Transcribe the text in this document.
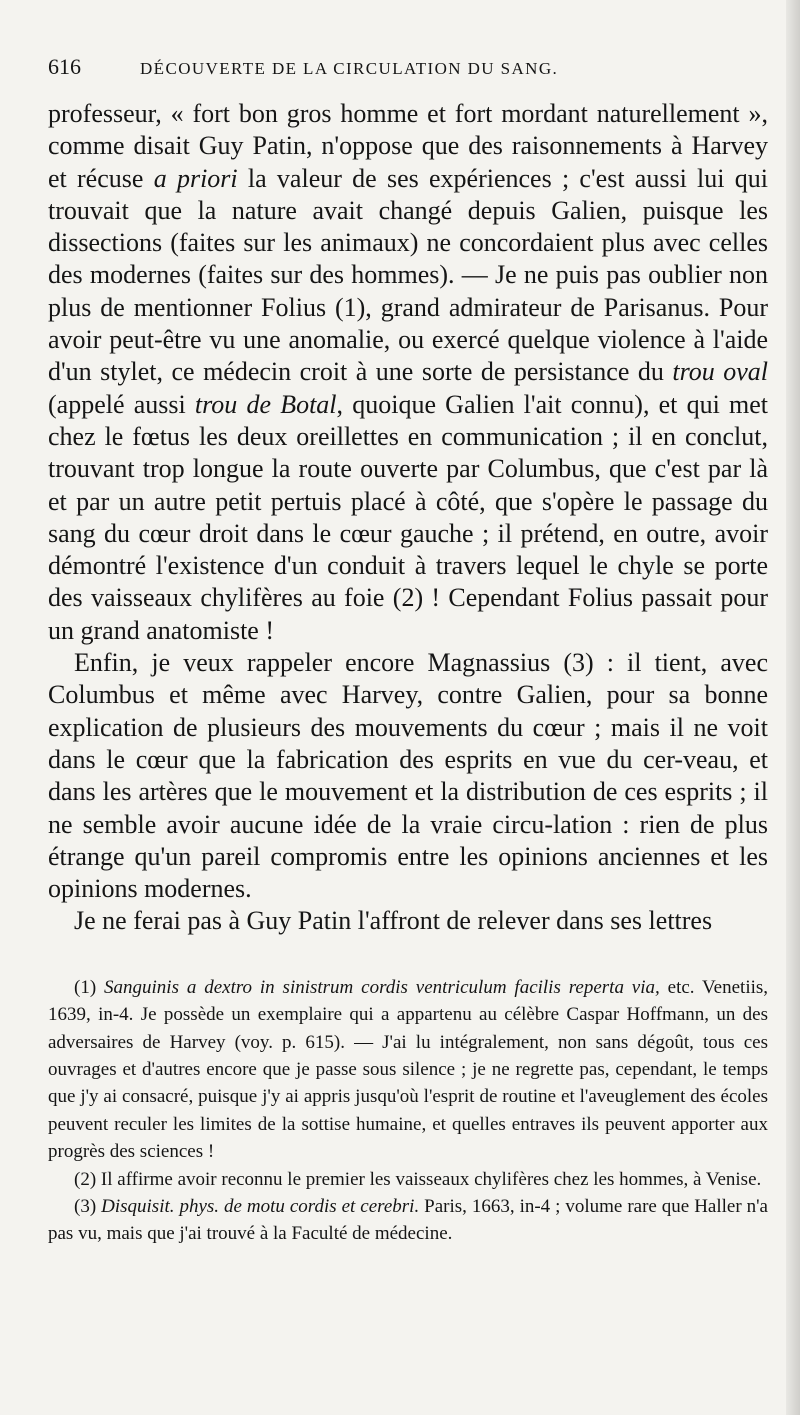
616	DÉCOUVERTE DE LA CIRCULATION DU SANG.

professeur, « fort bon gros homme et fort mordant naturellement », comme disait Guy Patin, n'oppose que des raisonnements à Harvey et récuse a priori la valeur de ses expériences ; c'est aussi lui qui trouvait que la nature avait changé depuis Galien, puisque les dissections (faites sur les animaux) ne concordaient plus avec celles des modernes (faites sur des hommes). — Je ne puis pas oublier non plus de mentionner Folius (1), grand admirateur de Parisanus. Pour avoir peut-être vu une anomalie, ou exercé quelque violence à l'aide d'un stylet, ce médecin croit à une sorte de persistance du trou oval (appelé aussi trou de Botal, quoique Galien l'ait connu), et qui met chez le fœtus les deux oreillettes en communication ; il en conclut, trouvant trop longue la route ouverte par Columbus, que c'est par là et par un autre petit pertuis placé à côté, que s'opère le passage du sang du cœur droit dans le cœur gauche ; il prétend, en outre, avoir démontré l'existence d'un conduit à travers lequel le chyle se porte des vaisseaux chylifères au foie (2) ! Cependant Folius passait pour un grand anatomiste !

Enfin, je veux rappeler encore Magnassius (3) : il tient, avec Columbus et même avec Harvey, contre Galien, pour sa bonne explication de plusieurs des mouvements du cœur ; mais il ne voit dans le cœur que la fabrication des esprits en vue du cer-veau, et dans les artères que le mouvement et la distribution de ces esprits ; il ne semble avoir aucune idée de la vraie circu-lation : rien de plus étrange qu'un pareil compromis entre les opinions anciennes et les opinions modernes.

Je ne ferai pas à Guy Patin l'affront de relever dans ses lettres

(1) Sanguinis a dextro in sinistrum cordis ventriculum facilis reperta via, etc. Venetiis, 1639, in-4. Je possède un exemplaire qui a appartenu au célèbre Caspar Hoffmann, un des adversaires de Harvey (voy. p. 615). — J'ai lu intégralement, non sans dégoût, tous ces ouvrages et d'autres encore que je passe sous silence ; je ne regrette pas, cependant, le temps que j'y ai consacré, puisque j'y ai appris jusqu'où l'esprit de routine et l'aveuglement des écoles peuvent reculer les limites de la sottise humaine, et quelles entraves ils peuvent apporter aux progrès des sciences !

(2) Il affirme avoir reconnu le premier les vaisseaux chylifères chez les hommes, à Venise.

(3) Disquisit. phys. de motu cordis et cerebri. Paris, 1663, in-4 ; volume rare que Haller n'a pas vu, mais que j'ai trouvé à la Faculté de médecine.
